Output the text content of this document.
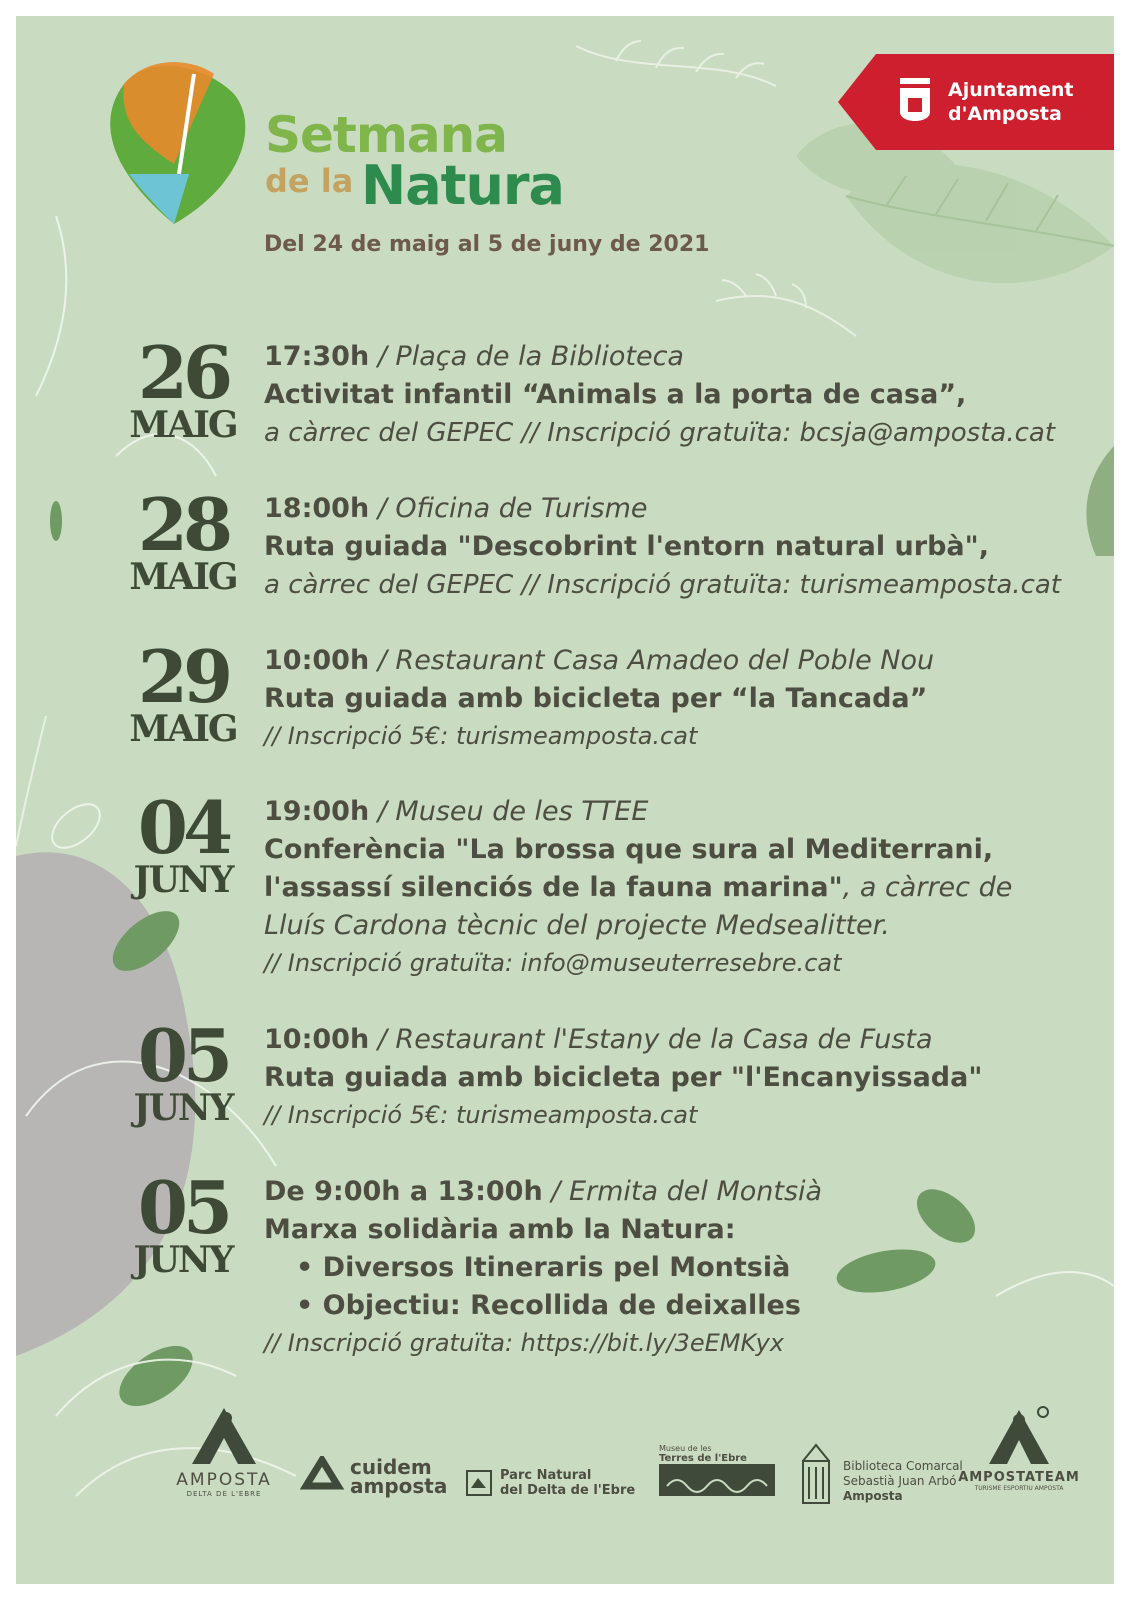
Setmana
de la Natura
Del 24 de maig al 5 de juny de 2021
Ajuntament
d'Amposta
26
MAIG
17:30h / Plaça de la Biblioteca
Activitat infantil “Animals a la porta de casa”,
a càrrec del GEPEC // Inscripció gratuïta: bcsja@amposta.cat
28
MAIG
18:00h / Oficina de Turisme
Ruta guiada "Descobrint l'entorn natural urbà",
a càrrec del GEPEC // Inscripció gratuïta: turismeamposta.cat
29
MAIG
10:00h / Restaurant Casa Amadeo del Poble Nou
Ruta guiada amb bicicleta per “la Tancada”
// Inscripció 5€: turismeamposta.cat
04
JUNY
19:00h / Museu de les TTEE
Conferència "La brossa que sura al Mediterrani,
l'assassí silenciós de la fauna marina", a càrrec de
Lluís Cardona tècnic del projecte Medsealitter.
// Inscripció gratuïta: info@museuterresebre.cat
05
JUNY
10:00h / Restaurant l'Estany de la Casa de Fusta
Ruta guiada amb bicicleta per "l'Encanyissada"
// Inscripció 5€: turismeamposta.cat
05
JUNY
De 9:00h a 13:00h / Ermita del Montsià
Marxa solidària amb la Natura:
• Diversos Itineraris pel Montsià
• Objectiu: Recollida de deixalles
// Inscripció gratuïta: https://bit.ly/3eEMKyx
AMPOSTA
DELTA DE L'EBRE
cuidem
amposta	Parc Natural
del Delta de l'Ebre
Museu de les
Terres de l'Ebre
Biblioteca Comarcal
Sebastià Juan Arbó
Amposta
AMPOSTATEAM
TURISME ESPORTIU AMPOSTA
